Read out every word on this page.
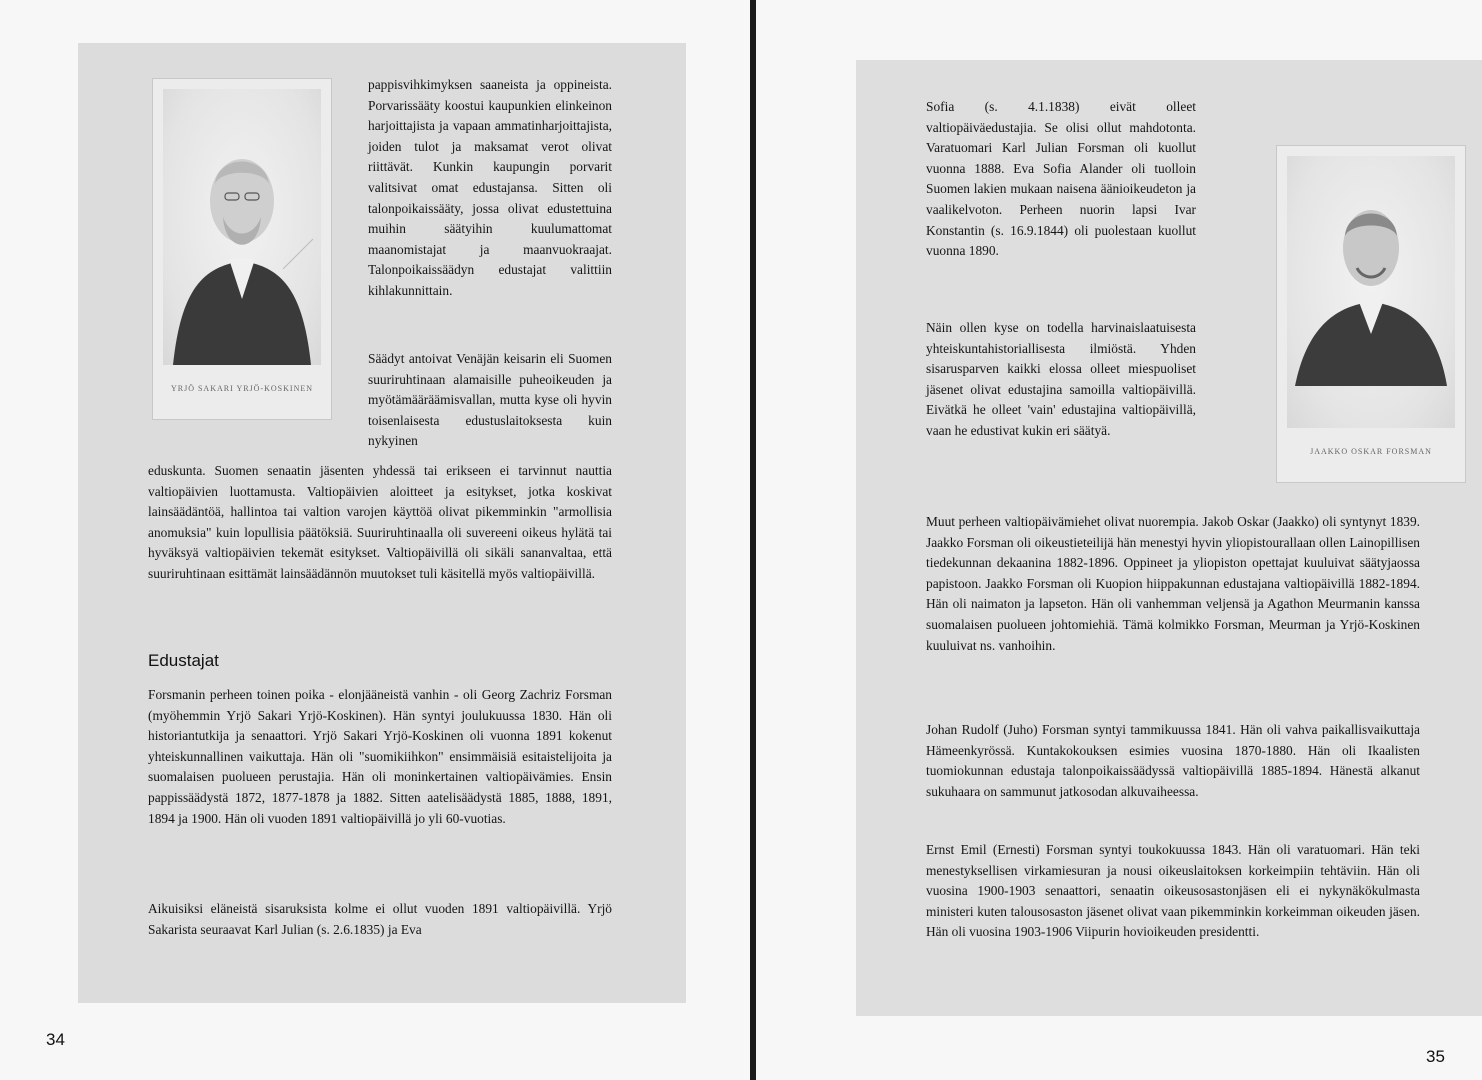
YRJÖ SAKARI YRJÖ-KOSKINEN

pappisvihkimyksen saaneista ja oppineista. Porvarissääty koostui kaupunkien elinkeinon harjoittajista ja vapaan ammatinharjoittajista, joiden tulot ja maksamat verot olivat riittävät. Kunkin kaupungin porvarit valitsivat omat edustajansa. Sitten oli talonpoikaissääty, jossa olivat edustettuina muihin säätyihin kuulumattomat maanomistajat ja maanvuokraajat. Talonpoikaissäädyn edustajat valittiin kihlakunnittain.

Säädyt antoivat Venäjän keisarin eli Suomen suuriruhtinaan alamaisille puheoikeuden ja myötämääräämisvallan, mutta kyse oli hyvin toisenlaisesta edustuslaitoksesta kuin nykyinen

eduskunta. Suomen senaatin jäsenten yhdessä tai erikseen ei tarvinnut nauttia valtiopäivien luottamusta. Valtiopäivien aloitteet ja esitykset, jotka koskivat lainsäädäntöä, hallintoa tai valtion varojen käyttöä olivat pikemminkin "armollisia anomuksia" kuin lopullisia päätöksiä. Suuriruhtinaalla oli suvereeni oikeus hylätä tai hyväksyä valtiopäivien tekemät esitykset. Valtiopäivillä oli sikäli sananvaltaa, että suuriruhtinaan esittämät lainsäädännön muutokset tuli käsitellä myös valtiopäivillä.

Edustajat

Forsmanin perheen toinen poika - elonjääneistä vanhin - oli Georg Zachriz Forsman (myöhemmin Yrjö Sakari Yrjö-Koskinen). Hän syntyi joulukuussa 1830. Hän oli historiantutkija ja senaattori. Yrjö Sakari Yrjö-Koskinen oli vuonna 1891 kokenut yhteiskunnallinen vaikuttaja. Hän oli "suomikiihkon" ensimmäisiä esitaistelijoita ja suomalaisen puolueen perustajia. Hän oli moninkertainen valtiopäivämies. Ensin pappissäädystä 1872, 1877-1878 ja 1882. Sitten aatelisäädystä 1885, 1888, 1891, 1894 ja 1900. Hän oli vuoden 1891 valtiopäivillä jo yli 60-vuotias.

Aikuisiksi eläneistä sisaruksista kolme ei ollut vuoden 1891 valtiopäivillä. Yrjö Sakarista seuraavat Karl Julian (s. 2.6.1835) ja Eva

34

Sofia (s. 4.1.1838) eivät olleet valtiopäiväedustajia. Se olisi ollut mahdotonta. Varatuomari Karl Julian Forsman oli kuollut vuonna 1888. Eva Sofia Alander oli tuolloin Suomen lakien mukaan naisena äänioikeudeton ja vaalikelvoton. Perheen nuorin lapsi Ivar Konstantin (s. 16.9.1844) oli puolestaan kuollut vuonna 1890.

JAAKKO OSKAR FORSMAN

Näin ollen kyse on todella harvinaislaatuisesta yhteiskuntahistoriallisesta ilmiöstä. Yhden sisarusparven kaikki elossa olleet miespuoliset jäsenet olivat edustajina samoilla valtiopäivillä. Eivätkä he olleet 'vain' edustajina valtiopäivillä, vaan he edustivat kukin eri säätyä.

Muut perheen valtiopäivämiehet olivat nuorempia. Jakob Oskar (Jaakko) oli syntynyt 1839. Jaakko Forsman oli oikeustieteilijä hän menestyi hyvin yliopistourallaan ollen Lainopillisen tiedekunnan dekaanina 1882-1896. Oppineet ja yliopiston opettajat kuuluivat säätyjaossa papistoon. Jaakko Forsman oli Kuopion hiippakunnan edustajana valtiopäivillä 1882-1894. Hän oli naimaton ja lapseton. Hän oli vanhemman veljensä ja Agathon Meurmanin kanssa suomalaisen puolueen johtomiehiä. Tämä kolmikko Forsman, Meurman ja Yrjö-Koskinen kuuluivat ns. vanhoihin.

Johan Rudolf (Juho) Forsman syntyi tammikuussa 1841. Hän oli vahva paikallisvaikuttaja Hämeenkyrössä. Kuntakokouksen esimies vuosina 1870-1880. Hän oli Ikaalisten tuomiokunnan edustaja talonpoikaissäädyssä valtiopäivillä 1885-1894. Hänestä alkanut sukuhaara on sammunut jatkosodan alkuvaiheessa.

Ernst Emil (Ernesti) Forsman syntyi toukokuussa 1843. Hän oli varatuomari. Hän teki menestyksellisen virkamiesuran ja nousi oikeuslaitoksen korkeimpiin tehtäviin. Hän oli vuosina 1900-1903 senaattori, senaatin oikeusosastonjäsen eli ei nykynäkökulmasta ministeri kuten talousosaston jäsenet olivat vaan pikemminkin korkeimman oikeuden jäsen. Hän oli vuosina 1903-1906 Viipurin hovioikeuden presidentti.

35
